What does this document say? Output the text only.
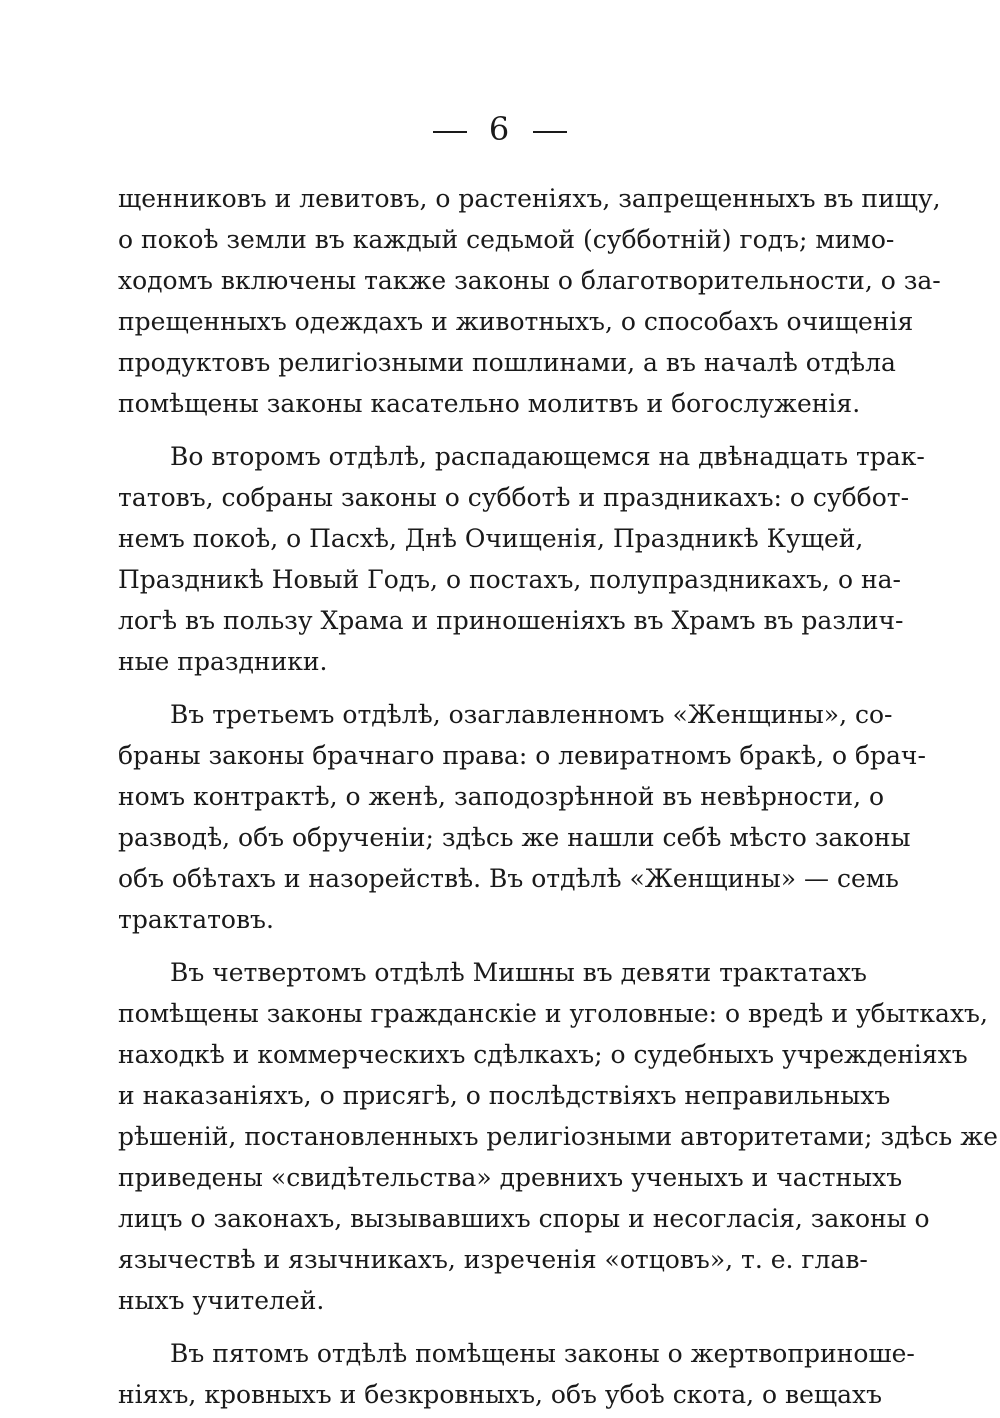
6
щенниковъ и левитовъ, о растеніяхъ, запрещенныхъ въ пищу,
о покоѣ земли въ каждый седьмой (субботній) годъ; мимо-
ходомъ включены также законы о благотворительности, о за-
прещенныхъ одеждахъ и животныхъ, о способахъ очищенія
продуктовъ религіозными пошлинами, а въ началѣ отдѣла
помѣщены законы касательно молитвъ и богослуженія.
Во второмъ отдѣлѣ, распадающемся на двѣнадцать трак-
татовъ, собраны законы о субботѣ и праздникахъ: о суббот-
немъ покоѣ, о Пасхѣ, Днѣ Очищенія, Праздникѣ Кущей,
Праздникѣ Новый Годъ, о постахъ, полупраздникахъ, о на-
логѣ въ пользу Храма и приношеніяхъ въ Храмъ въ различ-
ные праздники.
Въ третьемъ отдѣлѣ, озаглавленномъ «Женщины», со-
браны законы брачнаго права: о левиратномъ бракѣ, о брач-
номъ контрактѣ, о женѣ, заподозрѣнной въ невѣрности, о
разводѣ, объ обрученіи; здѣсь же нашли себѣ мѣсто законы
объ обѣтахъ и назорействѣ. Въ отдѣлѣ «Женщины» — семь
трактатовъ.
Въ четвертомъ отдѣлѣ Мишны въ девяти трактатахъ
помѣщены законы гражданскіе и уголовные: о вредѣ и убыткахъ,
находкѣ и коммерческихъ сдѣлкахъ; о судебныхъ учрежденіяхъ
и наказаніяхъ, о присягѣ, о послѣдствіяхъ неправильныхъ
рѣшеній, постановленныхъ религіозными авторитетами; здѣсь же
приведены «свидѣтельства» древнихъ ученыхъ и частныхъ
лицъ о законахъ, вызывавшихъ споры и несогласія, законы о
язычествѣ и язычникахъ, изреченія «отцовъ», т. е. глав-
ныхъ учителей.
Въ пятомъ отдѣлѣ помѣщены законы о жертвоприноше-
ніяхъ, кровныхъ и безкровныхъ, объ убоѣ скота, о вещахъ
